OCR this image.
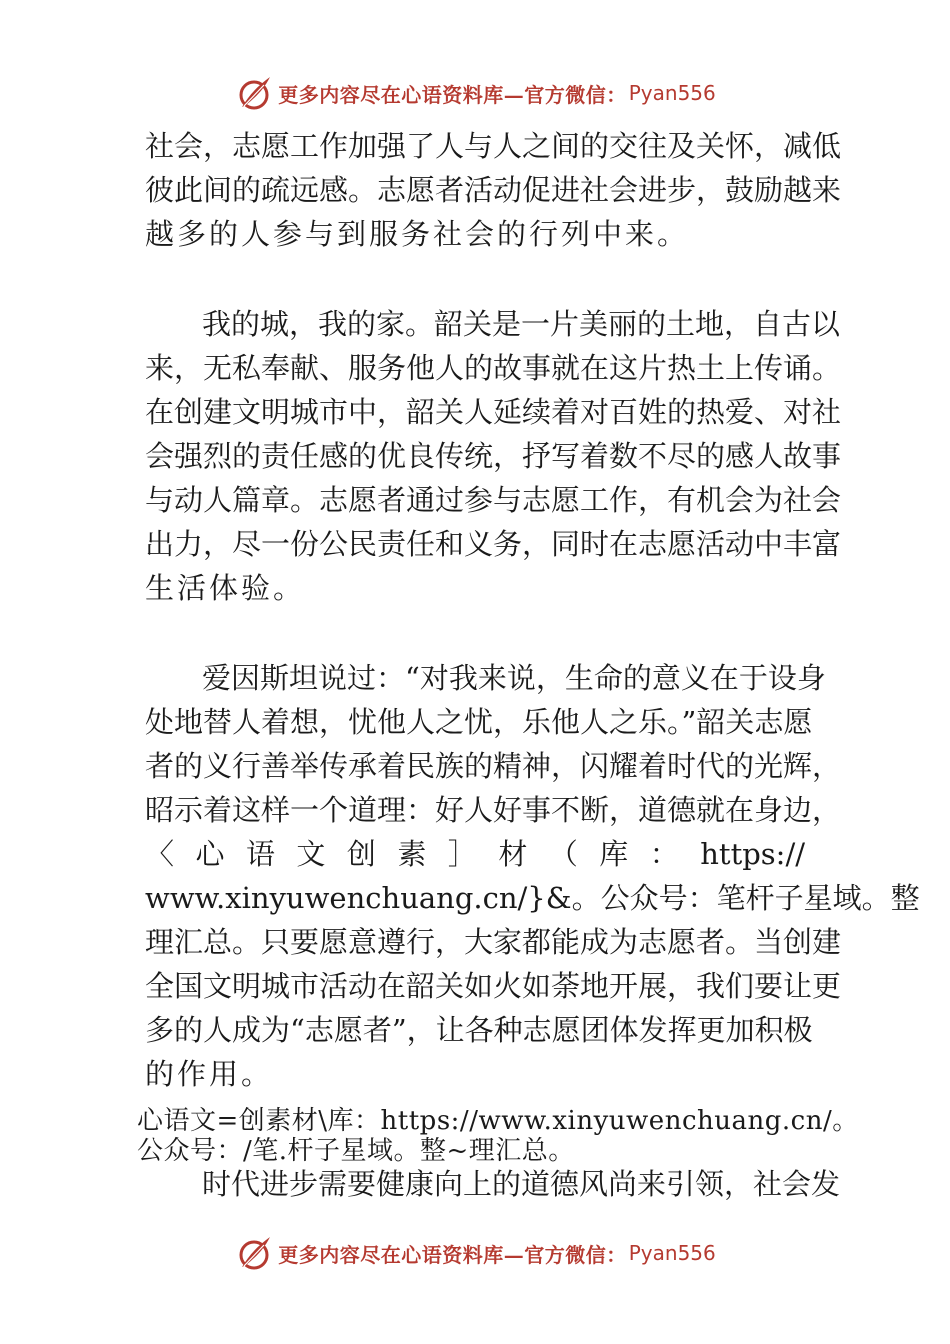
更多内容尽在心语资料库—官方微信： Pyan556
社会，志愿工作加强了人与人之间的交往及关怀，减低
彼此间的疏远感。志愿者活动促进社会进步，鼓励越来
越多的人参与到服务社会的行列中来。
我的城，我的家。韶关是一片美丽的土地，自古以
来，无私奉献、服务他人的故事就在这片热土上传诵。
在创建文明城市中，韶关人延续着对百姓的热爱、对社
会强烈的责任感的优良传统，抒写着数不尽的感人故事
与动人篇章。志愿者通过参与志愿工作，有机会为社会
出力，尽一份公民责任和义务，同时在志愿活动中丰富
生活体验。
爱因斯坦说过：“对我来说，生命的意义在于设身
处地替人着想，忧他人之忧，乐他人之乐。”韶关志愿
者的义行善举传承着民族的精神，闪耀着时代的光辉，
昭示着这样一个道理：好人好事不断，道德就在身边，
〈 心 语 文 创 素 ］ 材 （ 库 ： https://
www.xinyuwenchuang.cn/}&。公众号：笔杆子星域。整
理汇总。只要愿意遵行，大家都能成为志愿者。当创建
全国文明城市活动在韶关如火如荼地开展，我们要让更
多的人成为“志愿者”，让各种志愿团体发挥更加积极
的作用。
心语文=创素材\库：https://www.xinyuwenchuang.cn/。
公众号：/笔.杆子星域。整~理汇总。
时代进步需要健康向上的道德风尚来引领，社会发
更多内容尽在心语资料库—官方微信： Pyan556
